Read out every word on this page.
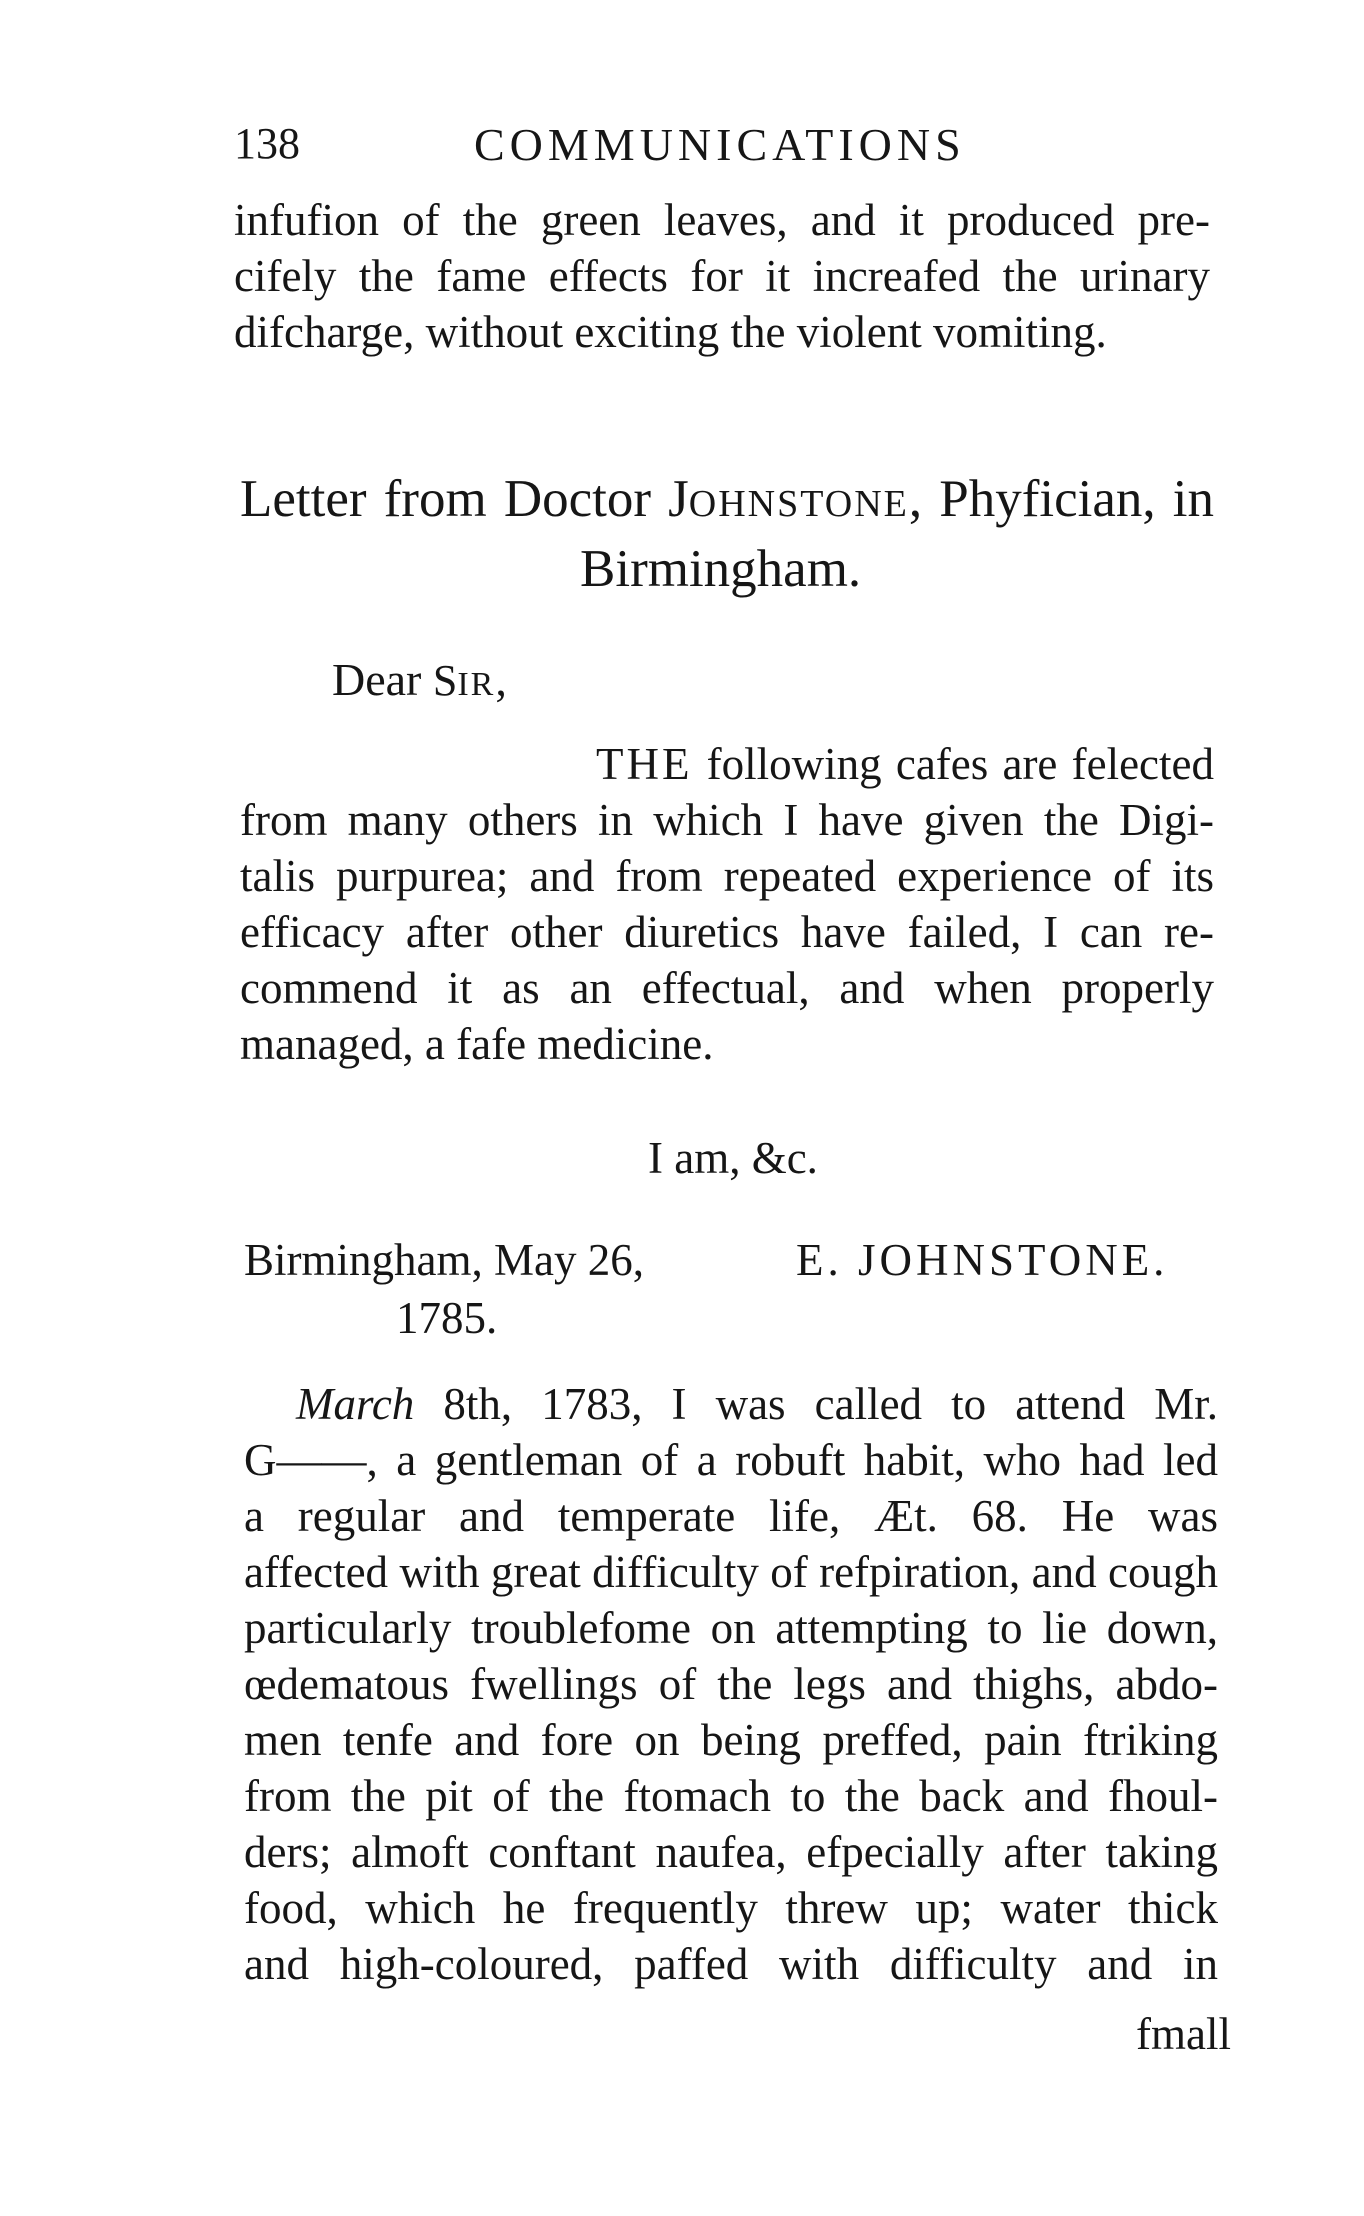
138	COMMUNICATIONS
infufion of the green leaves, and it produced pre-
cifely the fame effects for it increafed the urinary
difcharge, without exciting the violent vomiting.
Letter from Doctor JOHNSTONE, Phyfician, in
Birmingham.
Dear SIR,
THE following cafes are felected
from many others in which I have given the Digi-
talis purpurea; and from repeated experience of its
efficacy after other diuretics have failed, I can re-
commend it as an effectual, and when properly
managed, a fafe medicine.
I am, &c.
Birmingham, May 26,	E. JOHNSTONE.
1785.
March 8th, 1783, I was called to attend Mr.
G——, a gentleman of a robuft habit, who had led
a regular and temperate life, Æt. 68. He was
affected with great difficulty of refpiration, and cough
particularly troublefome on attempting to lie down,
œdematous fwellings of the legs and thighs, abdo-
men tenfe and fore on being preffed, pain ftriking
from the pit of the ftomach to the back and fhoul-
ders; almoft conftant naufea, efpecially after taking
food, which he frequently threw up; water thick
and high-coloured, paffed with difficulty and in
fmall
